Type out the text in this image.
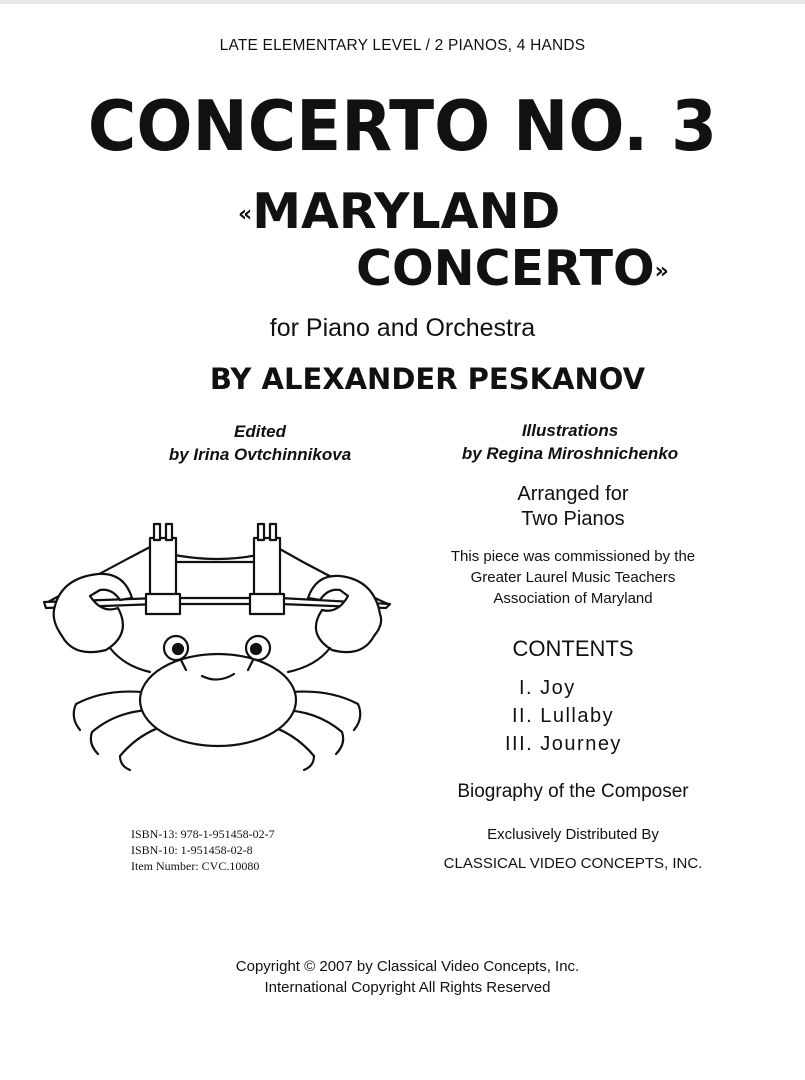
LATE ELEMENTARY LEVEL / 2 PIANOS, 4 HANDS
CONCERTO NO. 3
«MARYLAND
CONCERTO»
for Piano and Orchestra
BY ALEXANDER PESKANOV
Edited
by Irina Ovtchinnikova
Illustrations
by Regina Miroshnichenko
Arranged for
Two Pianos
This piece was commissioned by the
Greater Laurel Music Teachers
Association of Maryland
CONTENTS
I. Joy
II. Lullaby
III. Journey
Biography of the Composer
Exclusively Distributed By
CLASSICAL VIDEO CONCEPTS, INC.
ISBN-13: 978-1-951458-02-7
ISBN-10: 1-951458-02-8
Item Number: CVC.10080
Copyright © 2007 by Classical Video Concepts, Inc.
International Copyright All Rights Reserved
